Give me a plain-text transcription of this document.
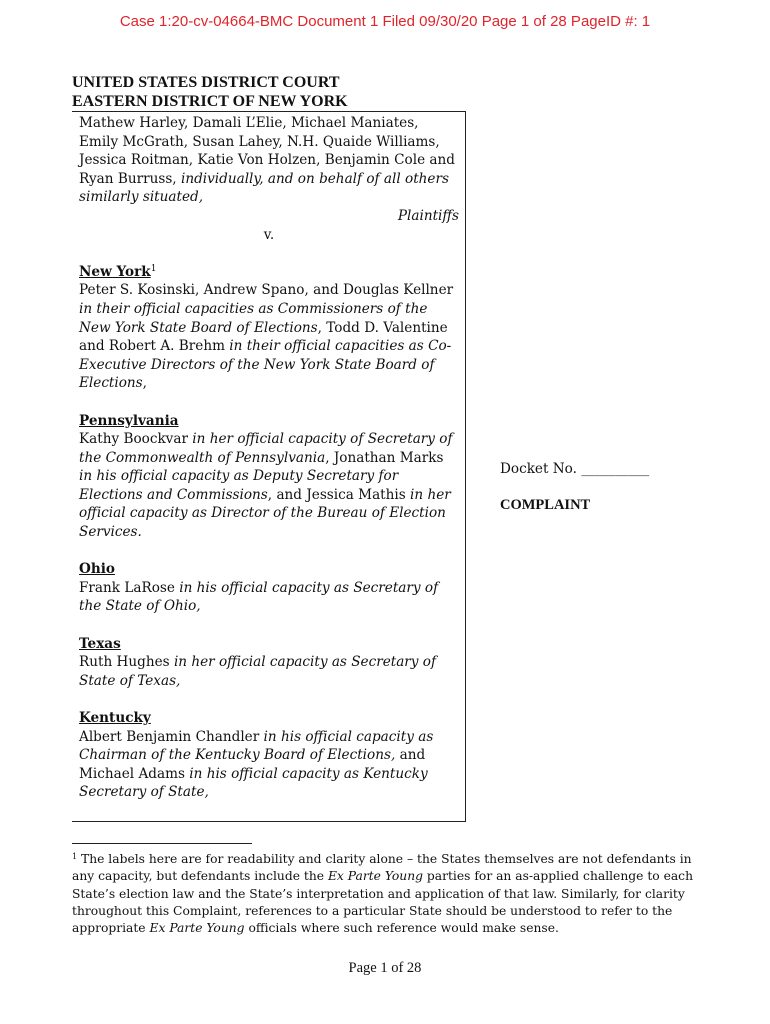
Case 1:20-cv-04664-BMC Document 1 Filed 09/30/20 Page 1 of 28 PageID #: 1
UNITED STATES DISTRICT COURT
EASTERN DISTRICT OF NEW YORK

Mathew Harley, Damali L’Elie, Michael Maniates, Emily McGrath, Susan Lahey, N.H. Quaide Williams, Jessica Roitman, Katie Von Holzen, Benjamin Cole and Ryan Burruss, individually, and on behalf of all others similarly situated,

Plaintiffs

v.

New York$^1$

Peter S. Kosinski, Andrew Spano, and Douglas Kellner in their official capacities as Commissioners of the New York State Board of Elections, Todd D. Valentine and Robert A. Brehm in their official capacities as Co-Executive Directors of the New York State Board of Elections,

Pennsylvania

Kathy Boockvar in her official capacity of Secretary of the Commonwealth of Pennsylvania, Jonathan Marks in his official capacity as Deputy Secretary for Elections and Commissions, and Jessica Mathis in her official capacity as Director of the Bureau of Election Services.

Ohio

Frank LaRose in his official capacity as Secretary of the State of Ohio,

Texas

Ruth Hughes in her official capacity as Secretary of State of Texas,

Kentucky

Albert Benjamin Chandler in his official capacity as Chairman of the Kentucky Board of Elections, and Michael Adams in his official capacity as Kentucky Secretary of State,

Docket No. __________
COMPLAINT
$^1$ The labels here are for readability and clarity alone – the States themselves are not defendants in any capacity, but defendants include the Ex Parte Young parties for an as-applied challenge to each State’s election law and the State’s interpretation and application of that law. Similarly, for clarity throughout this Complaint, references to a particular State should be understood to refer to the appropriate Ex Parte Young officials where such reference would make sense.
Page 1 of 28
